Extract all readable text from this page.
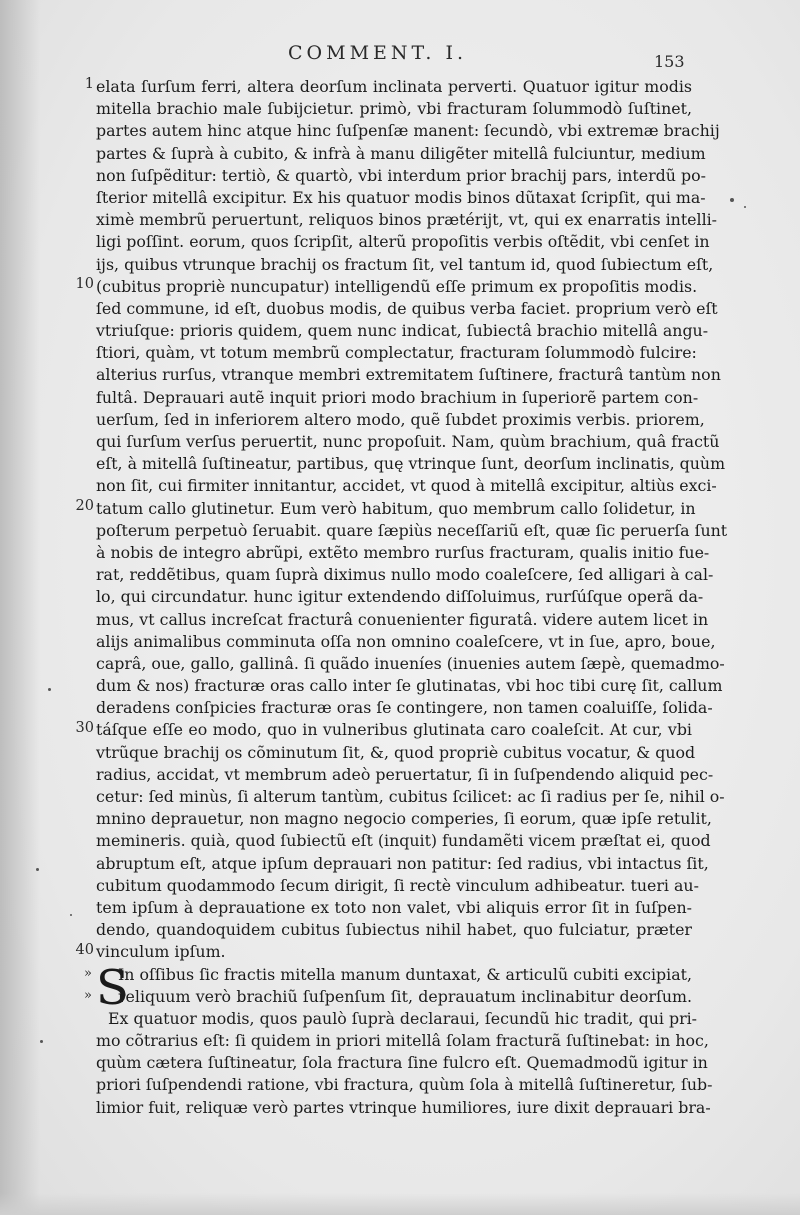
COMMENT. I.	153
S
1
10
20
30
40
»
»
elata ſurſum ferri, altera deorſum inclinata perverti. Quatuor igitur modis
mitella brachio male ſubijcietur. primò, vbi fracturam ſolummodò ſuſtinet,
partes autem hinc atque hinc ſuſpenſæ manent: ſecundò, vbi extremæ brachij
partes & ſuprà à cubito, & infrà à manu diligẽter mitellâ fulciuntur, medium
non ſuſpẽditur: tertiò, & quartò, vbi interdum prior brachij pars, interdũ po-
ſterior mitellâ excipitur. Ex his quatuor modis binos dũtaxat ſcripſit, qui ma-
ximè membrũ peruertunt, reliquos binos prætérijt, vt, qui ex enarratis intelli-
ligi poſſint. eorum, quos ſcripſit, alterũ propoſitis verbis oſtẽdit, vbi cenſet in
ijs, quibus vtrunque brachij os fractum ſit, vel tantum id, quod ſubiectum eſt,
(cubitus propriè nuncupatur) intelligendũ eſſe primum ex propoſitis modis.
ſed commune, id eſt, duobus modis, de quibus verba faciet. proprium verò eſt
vtriuſque: prioris quidem, quem nunc indicat, ſubiectâ brachio mitellâ angu-
ſtiori, quàm, vt totum membrũ complectatur, fracturam ſolummodò fulcire:
alterius rurſus, vtranque membri extremitatem ſuſtinere, fracturâ tantùm non
fultâ. Deprauari autẽ inquit priori modo brachium in ſuperiorẽ partem con-
uerſum, ſed in inferiorem altero modo, quẽ ſubdet proximis verbis. priorem,
qui ſurſum verſus peruertit, nunc propoſuit. Nam, quùm brachium, quâ fractũ
eſt, à mitellâ ſuſtineatur, partibus, quę vtrinque ſunt, deorſum inclinatis, quùm
non ſit, cui firmiter innitantur, accidet, vt quod à mitellâ excipitur, altiùs exci-
tatum callo glutinetur. Eum verò habitum, quo membrum callo ſolidetur, in
poſterum perpetuò ſeruabit. quare ſæpiùs neceſſariũ eſt, quæ ſic peruerſa ſunt
à nobis de integro abrũpi, extẽto membro rurſus fracturam, qualis initio fue-
rat, reddẽtibus, quam ſuprà diximus nullo modo coaleſcere, ſed alligari à cal-
lo, qui circundatur. hunc igitur extendendo diſſoluimus, rurſúſque operã da-
mus, vt callus increſcat fracturâ conuenienter figuratâ. videre autem licet in
alijs animalibus comminuta oſſa non omnino coaleſcere, vt in ſue, apro, boue,
caprâ, oue, gallo, gallinâ. ſi quãdo inueníes (inuenies autem ſæpè, quemadmo-
dum & nos) fracturæ oras callo inter ſe glutinatas, vbi hoc tibi curę ſit, callum
deradens conſpicies fracturæ oras ſe contingere, non tamen coaluiſſe, ſolida-
táſque eſſe eo modo, quo in vulneribus glutinata caro coaleſcit. At cur, vbi
vtrũque brachij os cõminutum ſit, &, quod propriè cubitus vocatur, & quod
radius, accidat, vt membrum adeò peruertatur, ſi in ſuſpendendo aliquid pec-
cetur: ſed minùs, ſi alterum tantùm, cubitus ſcilicet: ac ſi radius per ſe, nihil o-
mnino deprauetur, non magno negocio comperies, ſi eorum, quæ ipſe retulit,
memineris. quià, quod ſubiectũ eſt (inquit) fundamẽti vicem præſtat ei, quod
abruptum eſt, atque ipſum deprauari non patitur: ſed radius, vbi intactus ſit,
cubitum quodammodo ſecum dirigit, ſi rectè vinculum adhibeatur. tueri au-
tem ipſum à deprauatione ex toto non valet, vbi aliquis error ſit in ſuſpen-
dendo, quandoquidem cubitus ſubiectus nihil habet, quo fulciatur, præter
vinculum ipſum.
In oſſibus ſic fractis mitella manum duntaxat, & articulũ cubiti excipiat,
reliquum verò brachiũ ſuſpenſum ſit, deprauatum inclinabitur deorſum.
Ex quatuor modis, quos paulò ſuprà declaraui, ſecundũ hic tradit, qui pri-
mo cõtrarius eſt: ſi quidem in priori mitellâ ſolam fracturã ſuſtinebat: in hoc,
quùm cætera ſuſtineatur, ſola fractura ſine fulcro eſt. Quemadmodũ igitur in
priori ſuſpendendi ratione, vbi fractura, quùm ſola à mitellâ ſuſtineretur, ſub-
limior fuit, reliquæ verò partes vtrinque humiliores, iure dixit deprauari bra-
